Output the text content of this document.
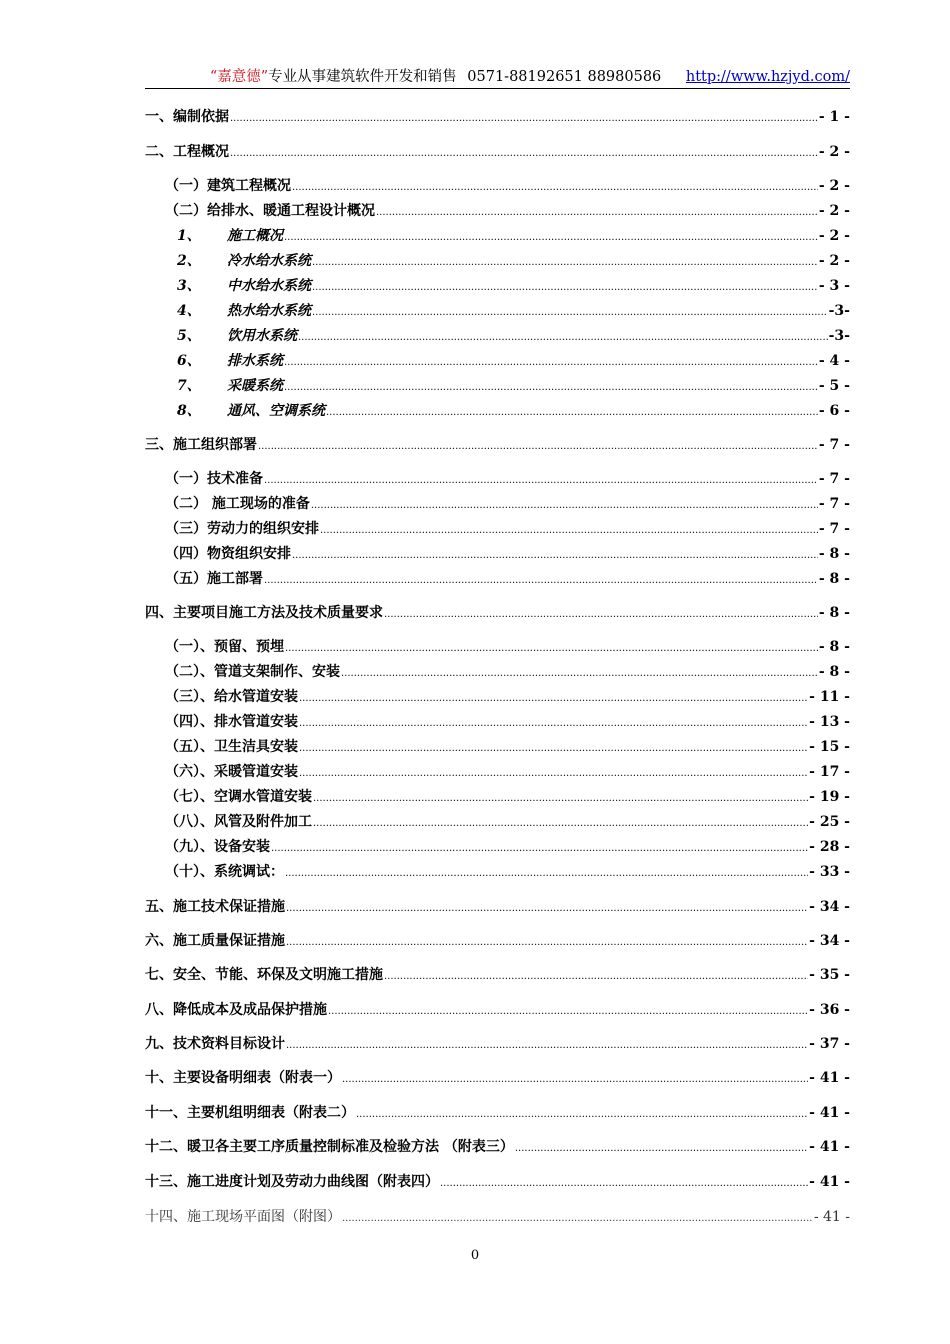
“嘉意德”专业从事建筑软件开发和销售 0571-88192651 88980586 http://www.hzjyd.com/
一、编制依据 .....	- 1 -
二、工程概况 .....	- 2 -
（一）建筑工程概况 .....	- 2 -
（二）给排水、暖通工程设计概况 .....	- 2 -
1、	施工概况 .....	- 2 -
2、	冷水给水系统 .....	- 2 -
3、	中水给水系统 .....	- 3 -
4、	热水给水系统 .....	-3-
5、	饮用水系统 .....	-3-
6、	排水系统 .....	- 4 -
7、	采暖系统 .....	- 5 -
8、	通风、空调系统 .....	- 6 -
三、施工组织部署 .....	- 7 -
（一）技术准备 .....	- 7 -
（二） 施工现场的准备 .....	- 7 -
（三）劳动力的组织安排 .....	- 7 -
（四）物资组织安排 .....	- 8 -
（五）施工部署 .....	- 8 -
四、主要项目施工方法及技术质量要求 .....	- 8 -
（一）、预留、预埋 .....	- 8 -
（二）、管道支架制作、安装 .....	- 8 -
（三）、给水管道安装 .....	- 11 -
（四）、排水管道安装 .....	- 13 -
（五）、卫生洁具安装 .....	- 15 -
（六）、采暖管道安装 .....	- 17 -
（七）、空调水管道安装 .....	- 19 -
（八）、风管及附件加工 .....	- 25 -
（九）、设备安装 .....	- 28 -
（十）、系统调试： .....	- 33 -
五、施工技术保证措施 .....	- 34 -
六、施工质量保证措施 .....	- 34 -
七、安全、节能、环保及文明施工措施 .....	- 35 -
八、降低成本及成品保护措施 .....	- 36 -
九、技术资料目标设计 .....	- 37 -
十、主要设备明细表（附表一） .....	- 41 -
十一、主要机组明细表（附表二） .....	- 41 -
十二、暖卫各主要工序质量控制标准及检验方法 （附表三） .....	- 41 -
十三、施工进度计划及劳动力曲线图（附表四） .....	- 41 -
十四、施工现场平面图（附图） .....	- 41 -
0
